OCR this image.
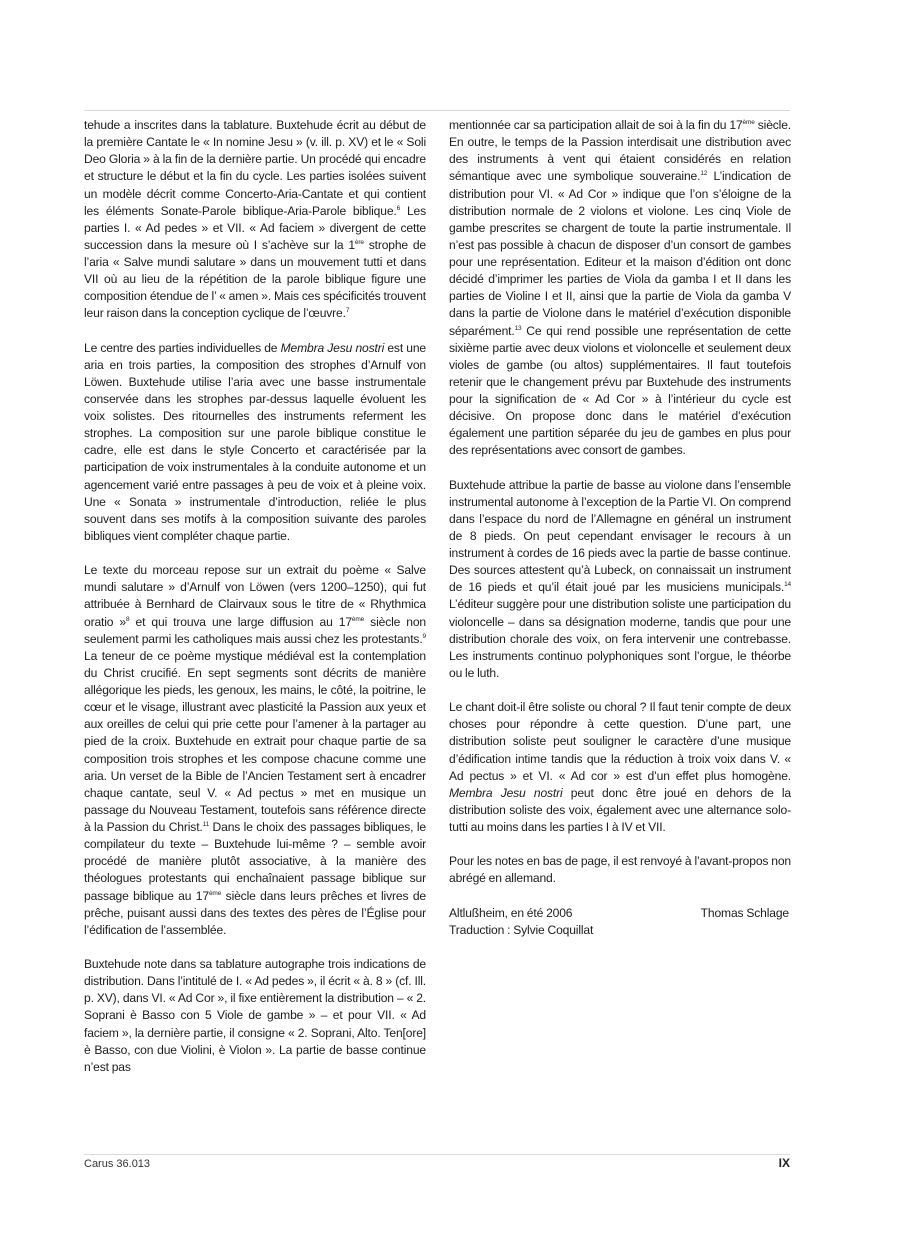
tehude a inscrites dans la tablature. Buxtehude écrit au début de la première Cantate le « In nomine Jesu » (v. ill. p. XV) et le « Soli Deo Gloria » à la fin de la dernière partie. Un procédé qui encadre et structure le début et la fin du cycle. Les parties isolées suivent un modèle décrit comme Concerto-Aria-Cantate et qui contient les éléments Sonate-Parole biblique-Aria-Parole biblique.$^6$ Les parties I. « Ad pedes » et VII. « Ad faciem » divergent de cette succession dans la mesure où I s’achève sur la 1ère strophe de l’aria « Salve mundi salutare » dans un mouvement tutti et dans VII où au lieu de la répétition de la parole biblique figure une composition étendue de l’ « amen ». Mais ces spécificités trouvent leur raison dans la conception cyclique de l’œuvre.$^7$

Le centre des parties individuelles de Membra Jesu nostri est une aria en trois parties, la composition des strophes d’Arnulf von Löwen. Buxtehude utilise l’aria avec une basse instrumentale conservée dans les strophes par-dessus laquelle évoluent les voix solistes. Des ritournelles des instruments referment les strophes. La composition sur une parole biblique constitue le cadre, elle est dans le style Concerto et caractérisée par la participation de voix instrumentales à la conduite autonome et un agencement varié entre passages à peu de voix et à pleine voix. Une « Sonata » instrumentale d’introduction, reliée le plus souvent dans ses motifs à la composition suivante des paroles bibliques vient compléter chaque partie.

Le texte du morceau repose sur un extrait du poème « Salve mundi salutare » d’Arnulf von Löwen (vers 1200–1250), qui fut attribuée à Bernhard de Clairvaux sous le titre de « Rhythmica oratio »$^8$ et qui trouva une large diffusion au 17ème siècle non seulement parmi les catholiques mais aussi chez les protestants.$^9$ La teneur de ce poème mystique médiéval est la contemplation du Christ crucifié. En sept segments sont décrits de manière allégorique les pieds, les genoux, les mains, le côté, la poitrine, le cœur et le visage, illustrant avec plasticité la Passion aux yeux et aux oreilles de celui qui prie cette pour l’amener à la partager au pied de la croix. Buxtehude en extrait pour chaque partie de sa composition trois strophes et les compose chacune comme une aria. Un verset de la Bible de l’Ancien Testament sert à encadrer chaque cantate, seul V. « Ad pectus » met en musique un passage du Nouveau Testament, toutefois sans référence directe à la Passion du Christ.$^{11}$ Dans le choix des passages bibliques, le compilateur du texte – Buxtehude lui-même ? – semble avoir procédé de manière plutôt associative, à la manière des théologues protestants qui enchaînaient passage biblique sur passage biblique au 17ème siècle dans leurs prêches et livres de prêche, puisant aussi dans des textes des pères de l’Église pour l’édification de l’assemblée.

Buxtehude note dans sa tablature autographe trois indications de distribution. Dans l’intitulé de I. « Ad pedes », il écrit « à. 8 » (cf. Ill. p. XV), dans VI. « Ad Cor », il fixe entièrement la distribution – « 2. Soprani è Basso con 5 Viole de gambe » – et pour VII. « Ad faciem », la dernière partie, il consigne « 2. Soprani, Alto. Ten[ore] è Basso, con due Violini, è Violon ». La partie de basse continue n’est pas

mentionnée car sa participation allait de soi à la fin du 17ème siècle. En outre, le temps de la Passion interdisait une distribution avec des instruments à vent qui étaient considérés en relation sémantique avec une symbolique souveraine.$^{12}$ L’indication de distribution pour VI. « Ad Cor » indique que l’on s’éloigne de la distribution normale de 2 violons et violone. Les cinq Viole de gambe prescrites se chargent de toute la partie instrumentale. Il n’est pas possible à chacun de disposer d’un consort de gambes pour une représentation. Editeur et la maison d’édition ont donc décidé d’imprimer les parties de Viola da gamba I et II dans les parties de Violine I et II, ainsi que la partie de Viola da gamba V dans la partie de Violone dans le matériel d’exécution disponible séparément.$^{13}$ Ce qui rend possible une représentation de cette sixième partie avec deux violons et violoncelle et seulement deux violes de gambe (ou altos) supplémentaires. Il faut toutefois retenir que le changement prévu par Buxtehude des instruments pour la signification de « Ad Cor » à l’intérieur du cycle est décisive. On propose donc dans le matériel d’exécution également une partition séparée du jeu de gambes en plus pour des représentations avec consort de gambes.

Buxtehude attribue la partie de basse au violone dans l’ensemble instrumental autonome à l’exception de la Partie VI. On comprend dans l’espace du nord de l’Allemagne en général un instrument de 8 pieds. On peut cependant envisager le recours à un instrument à cordes de 16 pieds avec la partie de basse continue. Des sources attestent qu’à Lubeck, on connaissait un instrument de 16 pieds et qu’il était joué par les musiciens municipals.$^{14}$ L’éditeur suggère pour une distribution soliste une participation du violoncelle – dans sa désignation moderne, tandis que pour une distribution chorale des voix, on fera intervenir une contrebasse. Les instruments continuo polyphoniques sont l’orgue, le théorbe ou le luth.

Le chant doit-il être soliste ou choral ? Il faut tenir compte de deux choses pour répondre à cette question. D’une part, une distribution soliste peut souligner le caractère d’une musique d’édification intime tandis que la réduction à troix voix dans V. « Ad pectus » et VI. « Ad cor » est d’un effet plus homogène. Membra Jesu nostri peut donc être joué en dehors de la distribution soliste des voix, également avec une alternance solo-tutti au moins dans les parties I à IV et VII.

Pour les notes en bas de page, il est renvoyé à l’avant-propos non abrégé en allemand.

Altlußheim, en été 2006	Thomas Schlage
Traduction : Sylvie Coquillat
Carus 36.013	IX
